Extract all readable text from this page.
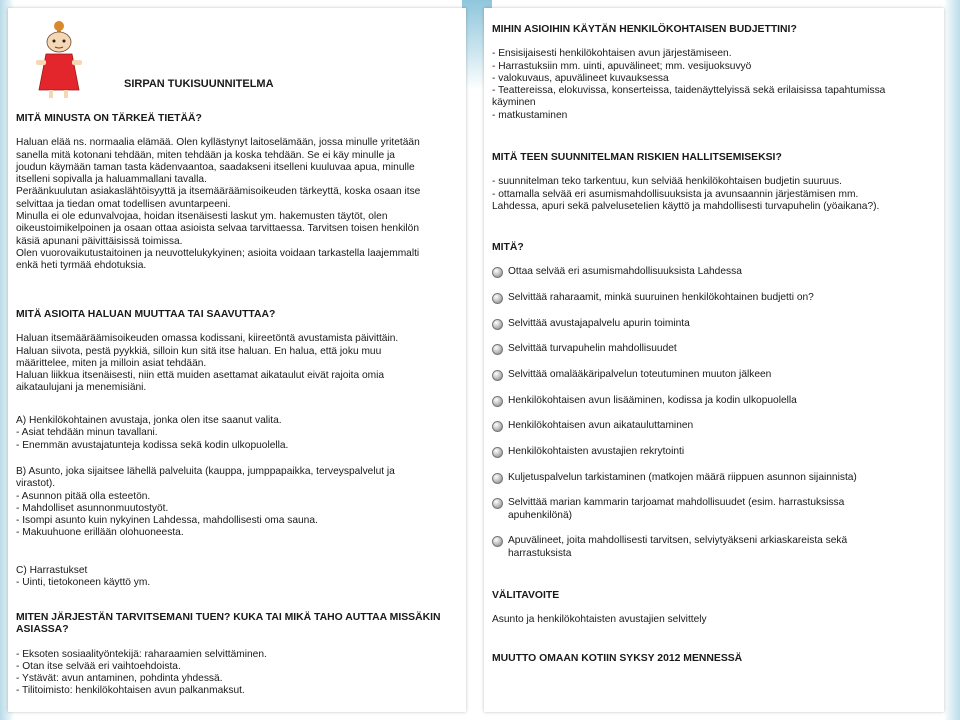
SIRPAN TUKISUUNNITELMA

MITÄ MINUSTA ON TÄRKEÄ TIETÄÄ?

Haluan elää ns. normaalia elämää. Olen kyllästynyt laitoselämään, jossa minulle yritetään

sanella mitä kotonani tehdään, miten tehdään ja koska tehdään. Se ei käy minulle ja

joudun käymään taman tasta kädenvaantoa, saadakseni itselleni kuuluvaa apua, minulle

itselleni sopivalla ja haluammallani tavalla.

Peräänkuulutan asiakaslähtöisyyttä ja itsemääräämisoikeuden tärkeyttä, koska osaan itse

selvittaa ja tiedan omat todellisen avuntarpeeni.

Minulla ei ole edunvalvojaa, hoidan itsenäisesti laskut ym. hakemusten täytöt, olen

oikeustoimikelpoinen ja osaan ottaa asioista selvaa tarvittaessa. Tarvitsen toisen henkilön

käsiä apunani päivittäisissä toimissa.

Olen vuorovaikutustaitoinen ja neuvottelukykyinen; asioita voidaan tarkastella laajemmalti

enkä heti tyrmää ehdotuksia.

MITÄ ASIOITA HALUAN MUUTTAA TAI SAAVUTTAA?

Haluan itsemääräämisoikeuden omassa kodissani, kiireetöntä avustamista päivittäin.

Haluan siivota, pestä pyykkiä, silloin kun sitä itse haluan. En halua, että joku muu

määrittelee, miten ja milloin asiat tehdään.

Haluan liikkua itsenäisesti, niin että muiden asettamat aikataulut eivät rajoita omia

aikataulujani ja menemisiäni.

A) Henkilökohtainen avustaja, jonka olen itse saanut valita.

- Asiat tehdään minun tavallani.

- Enemmän avustajatunteja kodissa sekä kodin ulkopuolella.

B) Asunto, joka sijaitsee lähellä palveluita (kauppa, jumppapaikka, terveyspalvelut ja

virastot).

- Asunnon pitää olla esteetön.

- Mahdolliset asunnonmuutostyöt.

- Isompi asunto kuin nykyinen Lahdessa, mahdollisesti oma sauna.

- Makuuhuone erillään olohuoneesta.

C) Harrastukset

- Uinti, tietokoneen käyttö ym.

MITEN JÄRJESTÄN TARVITSEMANI TUEN? KUKA TAI MIKÄ TAHO AUTTAA MISSÄKIN

ASIASSA?

- Eksoten sosiaalityöntekijä: raharaamien selvittäminen.

- Otan itse selvää eri vaihtoehdoista.

- Ystävät: avun antaminen, pohdinta yhdessä.

- Tilitoimisto: henkilökohtaisen avun palkanmaksut.

MIHIN ASIOIHIN KÄYTÄN HENKILÖKOHTAISEN BUDJETTINI?

- Ensisijaisesti henkilökohtaisen avun järjestämiseen.

- Harrastuksiin mm. uinti, apuvälineet; mm. vesijuoksuvyö

- valokuvaus, apuvälineet kuvauksessa

- Teattereissa, elokuvissa, konserteissa, taidenäyttelyissä sekä erilaisissa tapahtumissa

käyminen

- matkustaminen

MITÄ TEEN SUUNNITELMAN RISKIEN HALLITSEMISEKSI?

- suunnitelman teko tarkentuu, kun selviää henkilökohtaisen budjetin suuruus.

- ottamalla selvää eri asumismahdollisuuksista ja avunsaannin järjestämisen mm.

Lahdessa, apuri sekä palveluseteIien käyttö ja mahdollisesti turvapuhelin (yöaikana?).

MITÄ?

Ottaa selvää eri asumismahdollisuuksista Lahdessa

Selvittää raharaamit, minkä suuruinen henkilökohtainen budjetti on?

Selvittää avustajapalvelu apurin toiminta

Selvittää turvapuhelin mahdollisuudet

Selvittää omalääkäripalvelun toteutuminen muuton jälkeen

Henkilökohtaisen avun lisääminen, kodissa ja kodin ulkopuolella

Henkilökohtaisen avun aikatauluttaminen

Henkilökohtaisten avustajien rekrytointi

Kuljetuspalvelun tarkistaminen (matkojen määrä riippuen asunnon sijainnista)

Selvittää marian kammarin tarjoamat mahdollisuudet (esim. harrastuksissa

apuhenkilönä)

Apuvälineet, joita mahdollisesti tarvitsen, selviytyäkseni arkiaskareista sekä

harrastuksista

VÄLITAVOITE

Asunto ja henkilökohtaisten avustajien selvittely

MUUTTO OMAAN KOTIIN SYKSY 2012 MENNESSÄ
